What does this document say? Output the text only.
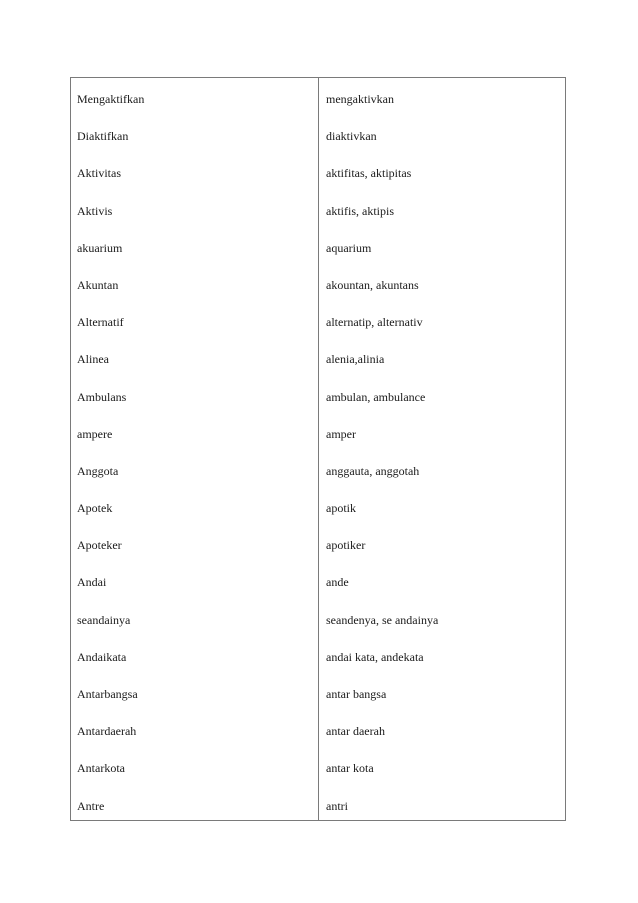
Mengaktifkan	mengaktivkan
Diaktifkan	diaktivkan
Aktivitas	aktifitas, aktipitas
Aktivis	aktifis, aktipis
akuarium	aquarium
Akuntan	akountan, akuntans
Alternatif	alternatip, alternativ
Alinea	alenia,alinia
Ambulans	ambulan, ambulance
ampere	amper
Anggota	anggauta, anggotah
Apotek	apotik
Apoteker	apotiker
Andai	ande
seandainya	seandenya, se andainya
Andaikata	andai kata, andekata
Antarbangsa	antar bangsa
Antardaerah	antar daerah
Antarkota	antar kota
Antre	antri
